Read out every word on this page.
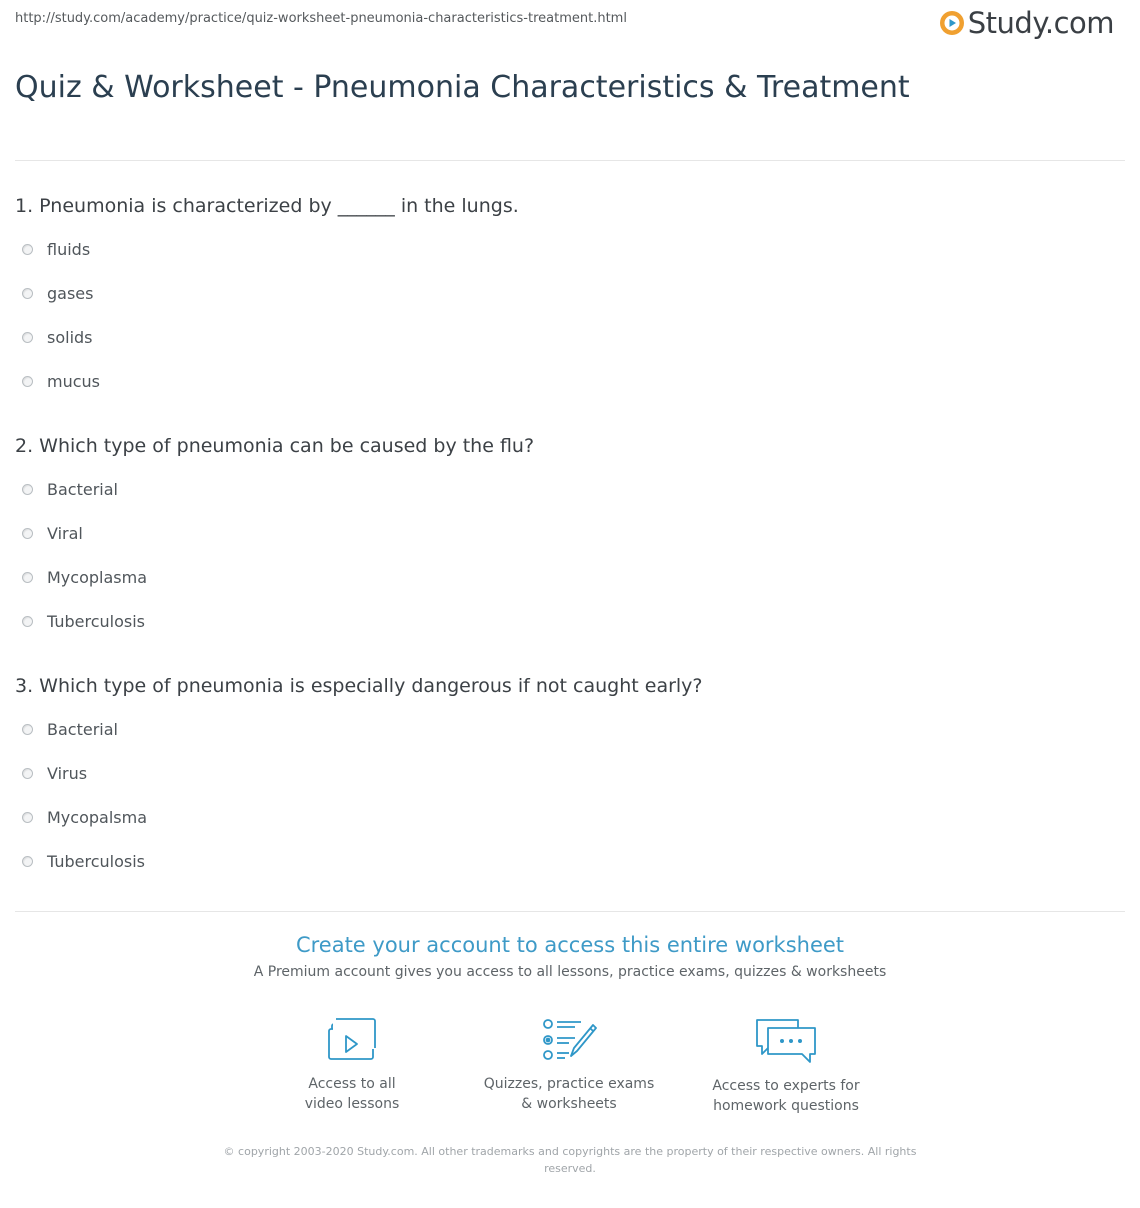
http://study.com/academy/practice/quiz-worksheet-pneumonia-characteristics-treatment.html	Study.com
Quiz & Worksheet - Pneumonia Characteristics & Treatment
1. Pneumonia is characterized by ______ in the lungs.
fluids
gases
solids
mucus
2. Which type of pneumonia can be caused by the flu?
Bacterial
Viral
Mycoplasma
Tuberculosis
3. Which type of pneumonia is especially dangerous if not caught early?
Bacterial
Virus
Mycopalsma
Tuberculosis
Create your account to access this entire worksheet
A Premium account gives you access to all lessons, practice exams, quizzes & worksheets
Access to all
video lessons
Quizzes, practice exams
& worksheets
Access to experts for
homework questions
© copyright 2003-2020 Study.com. All other trademarks and copyrights are the property of their respective owners. All rights reserved.
